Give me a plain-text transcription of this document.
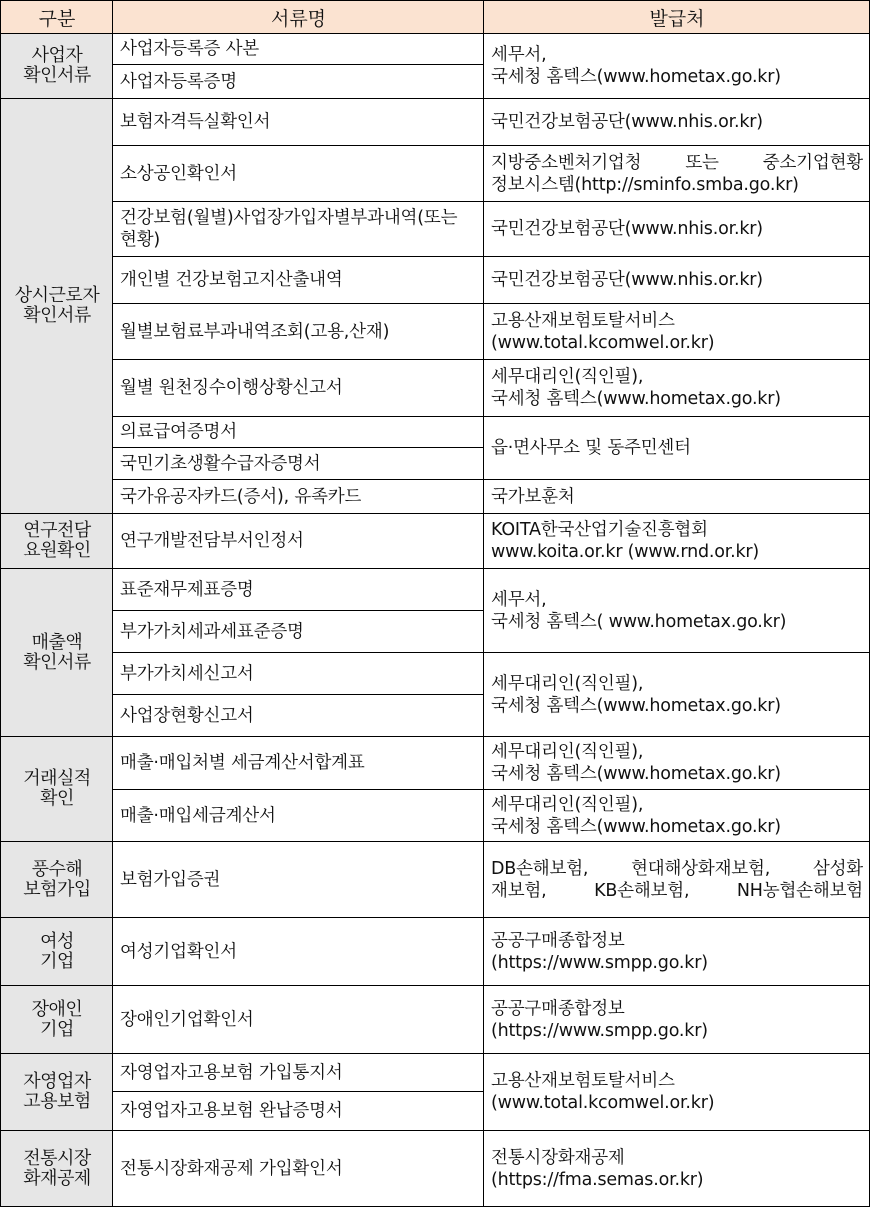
구분	서류명	발급처
사업자
확인서류	사업자등록증 사본	세무서,
국세청 홈텍스(www.hometax.go.kr)
	사업자등록증명	
상시근로자
확인서류	보험자격득실확인서	국민건강보험공단(www.nhis.or.kr)
	소상공인확인서	지방중소벤처기업청 또는 중소기업현황
정보시스템(http://sminfo.smba.go.kr)
	건강보험(월별)사업장가입자별부과내역(또는
현황)	국민건강보험공단(www.nhis.or.kr)
	개인별 건강보험고지산출내역	국민건강보험공단(www.nhis.or.kr)
	월별보험료부과내역조회(고용,산재)	고용산재보험토탈서비스
(www.total.kcomwel.or.kr)
	월별 원천징수이행상황신고서	세무대리인(직인필),
국세청 홈텍스(www.hometax.go.kr)
	의료급여증명서	읍·면사무소 및 동주민센터
	국민기초생활수급자증명서	
	국가유공자카드(증서), 유족카드	국가보훈처
연구전담
요원확인	연구개발전담부서인정서	KOITA한국산업기술진흥협회
www.koita.or.kr (www.rnd.or.kr)
매출액
확인서류	표준재무제표증명	세무서,
국세청 홈텍스( www.hometax.go.kr)
	부가가치세과세표준증명	
	부가가치세신고서	세무대리인(직인필),
국세청 홈텍스(www.hometax.go.kr)
	사업장현황신고서	
거래실적
확인	매출·매입처별 세금계산서합계표	세무대리인(직인필),
국세청 홈텍스(www.hometax.go.kr)
	매출·매입세금계산서	세무대리인(직인필),
국세청 홈텍스(www.hometax.go.kr)
풍수해
보험가입	보험가입증권	DB손해보험, 현대해상화재보험, 삼성화
재보험, KB손해보험, NH농협손해보험
여성
기업	여성기업확인서	공공구매종합정보
(https://www.smpp.go.kr)
장애인
기업	장애인기업확인서	공공구매종합정보
(https://www.smpp.go.kr)
자영업자
고용보험	자영업자고용보험 가입통지서	고용산재보험토탈서비스
(www.total.kcomwel.or.kr)
	자영업자고용보험 완납증명서	
전통시장
화재공제	전통시장화재공제 가입확인서	전통시장화재공제
(https://fma.semas.or.kr)
